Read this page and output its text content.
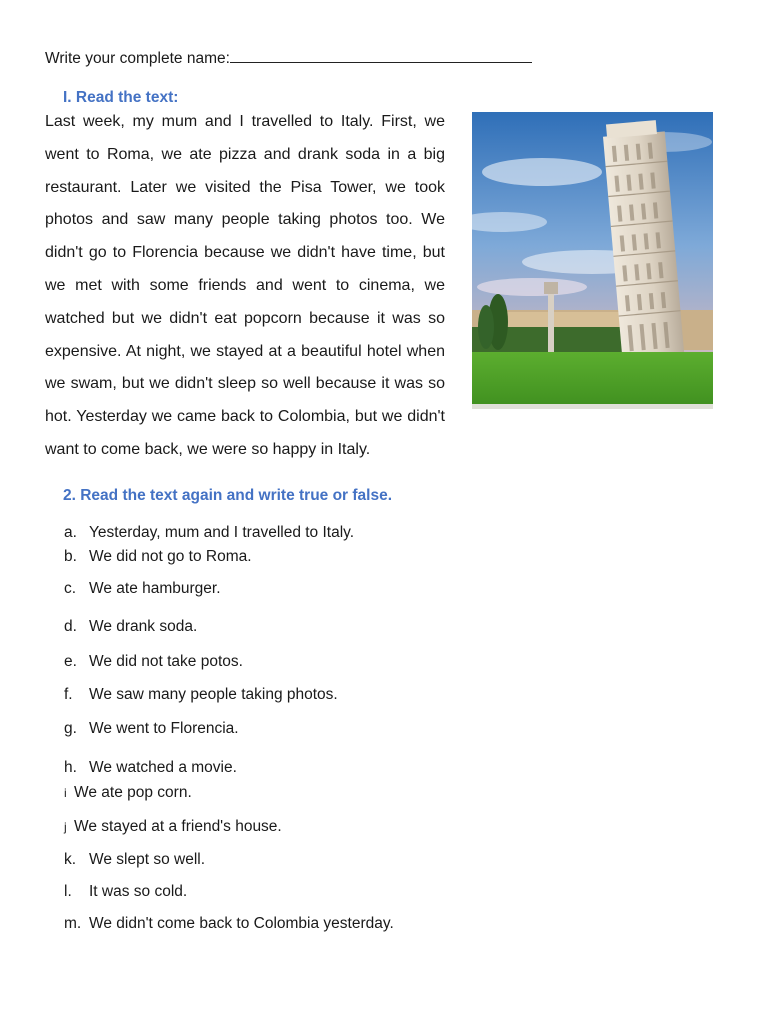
Write your complete name:
I. Read the text:

Last week, my mum and I travelled to Italy. First, we went to Roma, we ate pizza and drank soda in a big restaurant. Later we visited the Pisa Tower, we took photos and saw many people taking photos too. We didn't go to Florencia because we didn't have time, but we met with some friends and went to cinema, we watched but we didn't eat popcorn because it was so expensive. At night, we stayed at a beautiful hotel when we swam, but we didn't sleep so well because it was so hot. Yesterday we came back to Colombia, but we didn't want to come back, we were so happy in Italy.

2. Read the text again and write true or false.
a. Yesterday, mum and I travelled to Italy.
b. We did not go to Roma.
c. We ate hamburger.
d. We drank soda.
e. We did not take potos.
f. We saw many people taking photos.
g. We went to Florencia.
h. We watched a movie.
i We ate pop corn.
j We stayed at a friend's house.
k. We slept so well.
l. It was so cold.
m. We didn't come back to Colombia yesterday.
